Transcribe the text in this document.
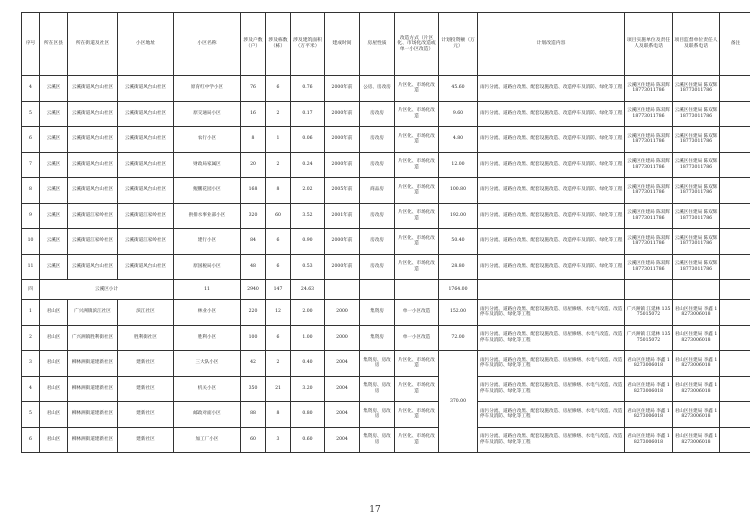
序号	所在区县	所在街道及社区	小区地址	小区名称	涉及户数（户）	涉及栋数（栋）	涉及建筑面积（万平米）	建成时间	房屋性质	改造方式（片区化、市场化改造或单一小区改造）	计划投资额（万元）	计划改造内容	项目实施单位及责任人及联系电话	项目监督单位责任人及联系电话	备注
4	云溪区	云溪街道风台山社区	云溪街道风台山社区	原育红中学小区	76	6	0.76	2000年前	公房、房改房	片区化、市场化改造	45.60	雨污分流、道路白改黑、配套设施改造、改造停车及消防、绿化等工程	云溪区住建局 陈双辉 18773011786	云溪区住建局 陈双辉 18773011786	
5	云溪区	云溪街道风台山社区	云溪街道风台山社区	原交通局小区	16	2	0.17	2000年前	房改房	片区化、市场化改造	9.60	雨污分流、道路白改黑、配套设施改造、改造停车及消防、绿化等工程	云溪区住建局 陈双辉 18773011786	云溪区住建局 陈双辉 18773011786	
6	云溪区	云溪街道风台山社区	云溪街道风台山社区	农行小区	8	1	0.06	2000年前	房改房	片区化、市场化改造	4.80	雨污分流、道路白改黑、配套设施改造、改造停车及消防、绿化等工程	云溪区住建局 陈双辉 18773011786	云溪区住建局 陈双辉 18773011786	
7	云溪区	云溪街道风台山社区	云溪街道风台山社区	财政局家属区	20	2	0.24	2000年前	房改房	片区化、市场化改造	12.00	雨污分流、道路白改黑、配套设施改造、改造停车及消防、绿化等工程	云溪区住建局 陈双辉 18773011786	云溪区住建局 陈双辉 18773011786	
8	云溪区	云溪街道风台山社区	云溪街道风台山社区	鲲鹏花园小区	168	8	2.02	2005年前	商品房	片区化、市场化改造	100.80	雨污分流、道路白改黑、配套设施改造、改造停车及消防、绿化等工程	云溪区住建局 陈双辉 18773011786	云溪区住建局 陈双辉 18773011786	
9	云溪区	云溪街道江家岭社区	云溪街道江家岭社区	供排水事业部小区	320	60	3.52	2001年前	房改房	片区化、市场化改造	192.00	雨污分流、道路白改黑、配套设施改造、改造停车及消防、绿化等工程	云溪区住建局 陈双辉 18773011786	云溪区住建局 陈双辉 18773011786	
10	云溪区	云溪街道江家岭社区	云溪街道江家岭社区	建行小区	84	6	0.90	2000年前	房改房	片区化、市场化改造	50.40	雨污分流、道路白改黑、配套设施改造、改造停车及消防、绿化等工程	云溪区住建局 陈双辉 18773011786	云溪区住建局 陈双辉 18773011786	
11	云溪区	云溪街道风台山社区	云溪街道风台山社区	原国税局小区	48	6	0.53	2000年前	房改房	片区化、市场化改造	28.80	雨污分流、道路白改黑、配套设施改造、改造停车及消防、绿化等工程	云溪区住建局 陈双辉 18773011786	云溪区住建局 陈双辉 18773011786	
四	云溪区小计			11	2940	147	24.63				1764.00				
1	君山区	广兴洲镇滨江社区	滨江社区	林业小区	220	12	2.00	2000	集资房	单一小区改造	152.00	雨污分流、道路白改黑、配套设施改造、房屋修缮、水电气改造、改造停车及消防、绿化等工程	广兴洲镇 江延林 13575015072	君山区住建局 李鑫 18273006018	
2	君山区	广兴洲镇胜利街社区	胜利街社区	胜利小区	100	6	1.00	2000	集资房	单一小区改造	72.00	雨污分流、道路白改黑、配套设施改造、房屋修缮、水电气改造、改造停车及消防、绿化等工程	广兴洲镇 江延林 13575015072	君山区住建局 李鑫 18273006018	
3	君山区	柳林洲街道建新社区	建新社区	三大队小区	42	2	0.40	2004	集资房、房改房	片区化、市场化改造	370.00	雨污分流、道路白改黑、配套设施改造、房屋修缮、水电气改造、改造停车及消防、绿化等工程	君山区住建局 李鑫 18273006018	君山区住建局 李鑫 18273006018	
4	君山区	柳林洲街道建新社区	建新社区	机关小区	350	21	3.20	2004	集资房、房改房	片区化、市场化改造		雨污分流、道路白改黑、配套设施改造、房屋修缮、水电气改造、改造停车及消防、绿化等工程	君山区住建局 李鑫 18273006018	君山区住建局 李鑫 18273006018	
5	君山区	柳林洲街道建新社区	建新社区	邮政对面小区	88	8	0.80	2004	集资房、房改房	片区化、市场化改造		雨污分流、道路白改黑、配套设施改造、房屋修缮、水电气改造、改造停车及消防、绿化等工程	君山区住建局 李鑫 18273006018	君山区住建局 李鑫 18273006018	
6	君山区	柳林洲街道建新社区	建新社区	加工厂小区	60	3	0.60	2004	集资房、房改房	片区化、市场化改造		雨污分流、道路白改黑、配套设施改造、房屋修缮、水电气改造、改造停车及消防、绿化等工程	君山区住建局 李鑫 18273006018	君山区住建局 李鑫 18273006018	
17
